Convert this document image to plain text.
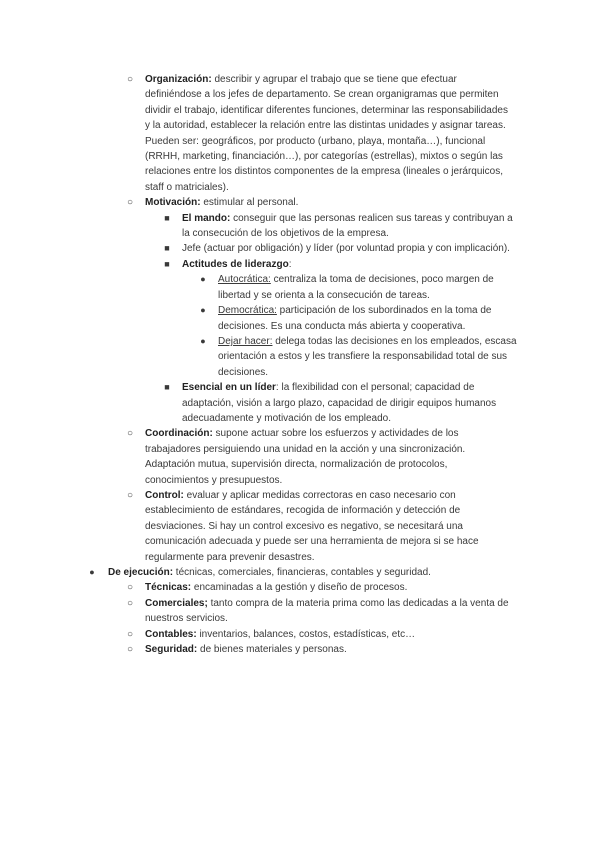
○ Organización: describir y agrupar el trabajo que se tiene que efectuar definiéndose a los jefes de departamento. Se crean organigramas que permiten dividir el trabajo, identificar diferentes funciones, determinar las responsabilidades y la autoridad, establecer la relación entre las distintas unidades y asignar tareas. Pueden ser: geográficos, por producto (urbano, playa, montaña…), funcional (RRHH, marketing, financiación…), por categorías (estrellas), mixtos o según las relaciones entre los distintos componentes de la empresa (lineales o jerárquicos, staff o matriciales).

○ Motivación: estimular al personal.

■	El mando: conseguir que las personas realicen sus tareas y contribuyan a la consecución de los objetivos de la empresa.

■	Jefe (actuar por obligación) y líder (por voluntad propia y con implicación).

■	Actitudes de liderazgo:

●	Autocrática: centraliza la toma de decisiones, poco margen de libertad y se orienta a la consecución de tareas.

●	Democrática: participación de los subordinados en la toma de decisiones. Es una conducta más abierta y cooperativa.

●	Dejar hacer: delega todas las decisiones en los empleados, escasa orientación a estos y les transfiere la responsabilidad total de sus decisiones.

■	Esencial en un líder: la flexibilidad con el personal; capacidad de adaptación, visión a largo plazo, capacidad de dirigir equipos humanos adecuadamente y motivación de los empleado.

○ Coordinación: supone actuar sobre los esfuerzos y actividades de los trabajadores persiguiendo una unidad en la acción y una sincronización. Adaptación mutua, supervisión directa, normalización de protocolos, conocimientos y presupuestos.

○ Control: evaluar y aplicar medidas correctoras en caso necesario con establecimiento de estándares, recogida de información y detección de desviaciones. Si hay un control excesivo es negativo, se necesitará una comunicación adecuada y puede ser una herramienta de mejora si se hace regularmente para prevenir desastres.

●	De ejecución: técnicas, comerciales, financieras, contables y seguridad.

○ Técnicas: encaminadas a la gestión y diseño de procesos.

○ Comerciales; tanto compra de la materia prima como las dedicadas a la venta de nuestros servicios.

○ Contables: inventarios, balances, costos, estadísticas, etc…

○ Seguridad: de bienes materiales y personas.
